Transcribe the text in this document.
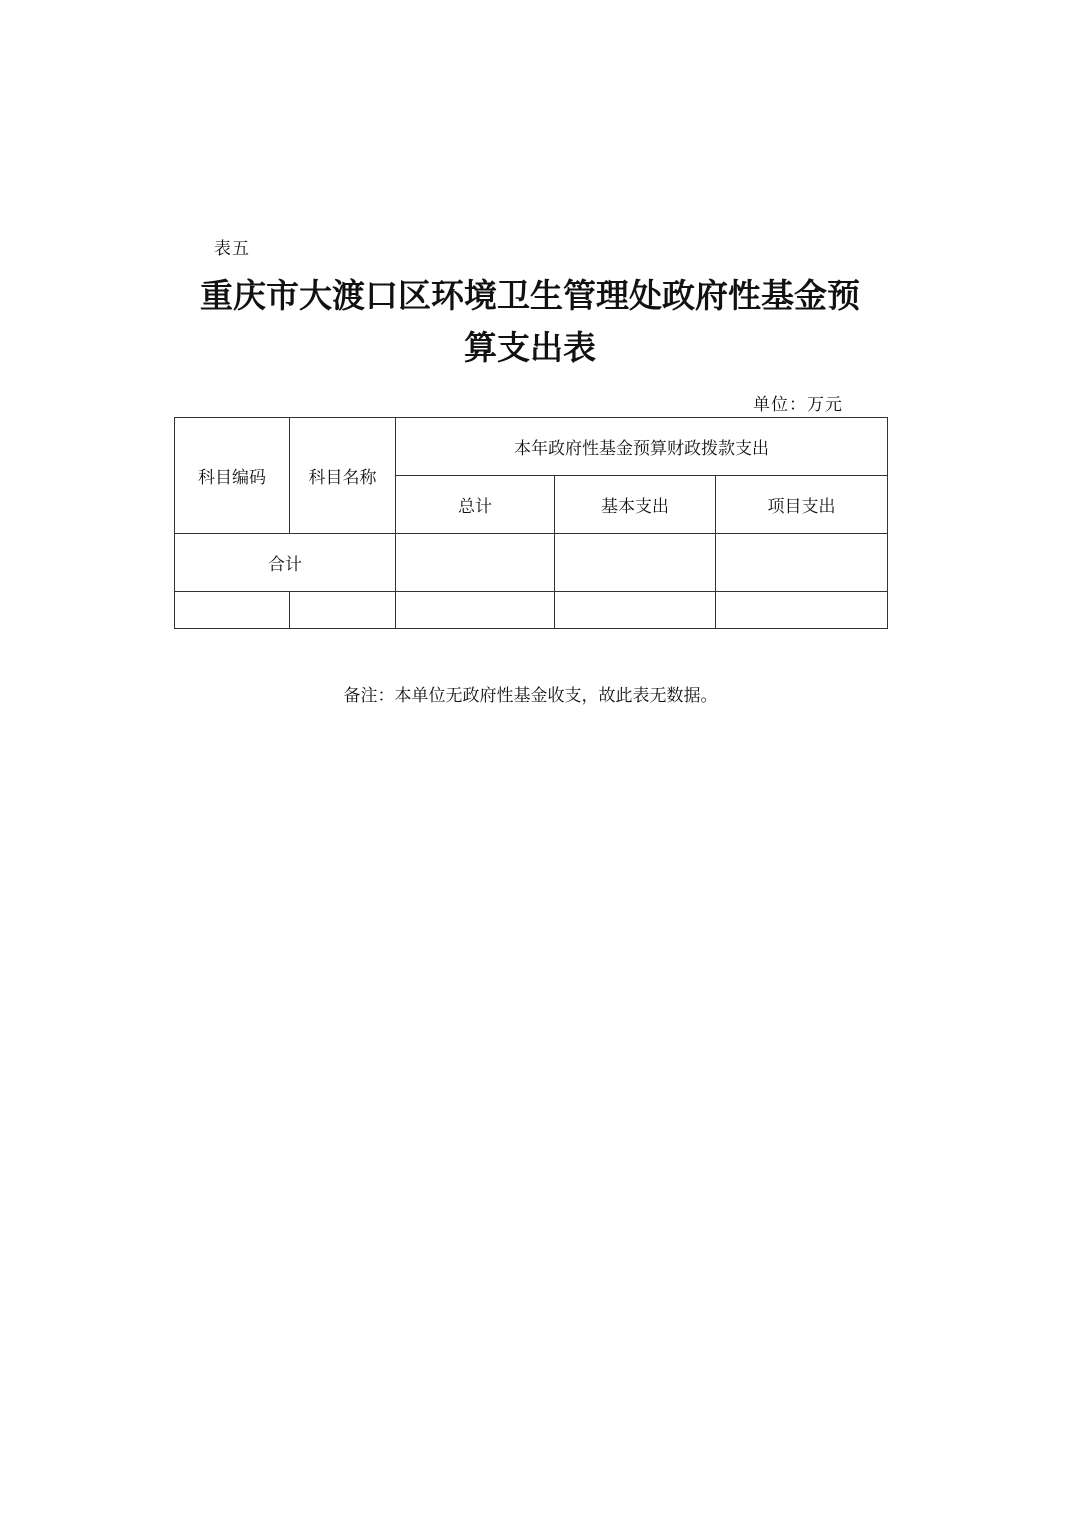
表五
重庆市大渡口区环境卫生管理处政府性基金预
算支出表
单位：万元
科目编码	科目名称	本年政府性基金预算财政拨款支出		
		总计	基本支出	项目支出
合计				

备注：本单位无政府性基金收支，故此表无数据。
